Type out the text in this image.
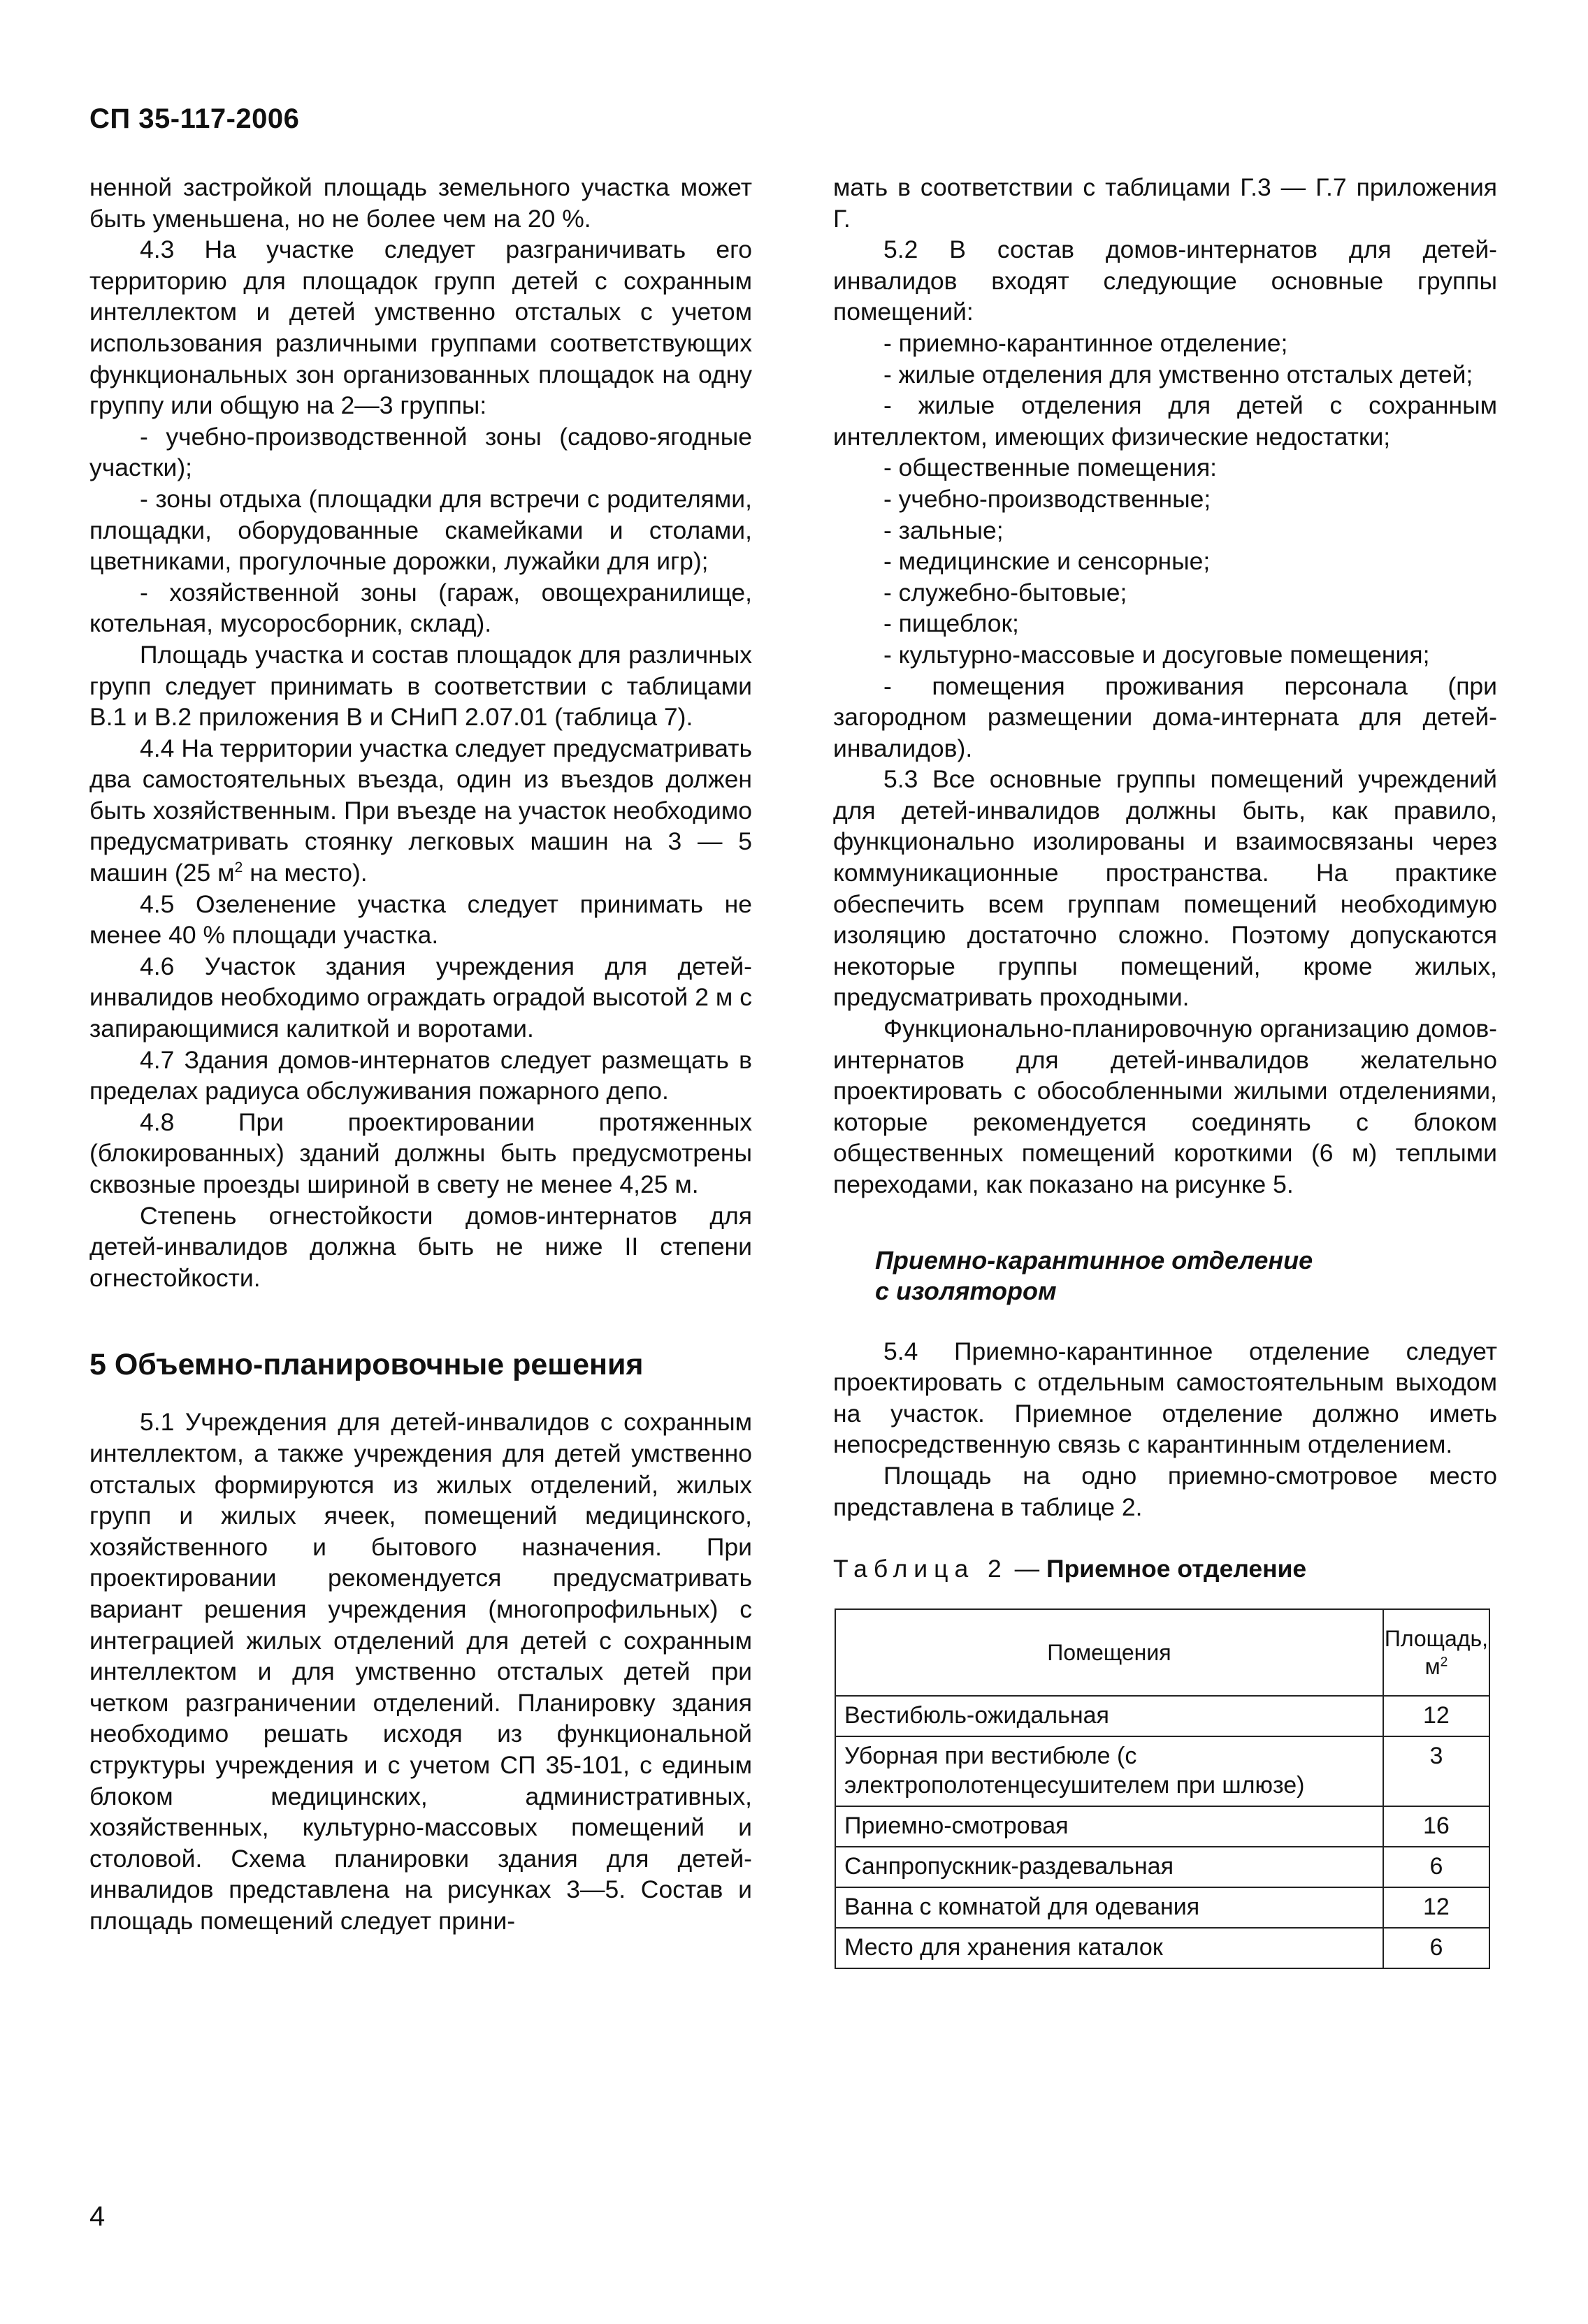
СП 35-117-2006

ненной застройкой площадь земельного участка может быть уменьшена, но не более чем на 20 %.

4.3 На участке следует разграничивать его территорию для площадок групп детей с сохранным интеллектом и детей умственно отсталых с учетом использования различными группами соответствующих функциональных зон организованных площадок на одну группу или общую на 2—3 группы:

- учебно-производственной зоны (садово-ягодные участки);

- зоны отдыха (площадки для встречи с родителями, площадки, оборудованные скамейками и столами, цветниками, прогулочные дорожки, лужайки для игр);

- хозяйственной зоны (гараж, овощехранилище, котельная, мусоросборник, склад).

Площадь участка и состав площадок для различных групп следует принимать в соответствии с таблицами В.1 и В.2 приложения В и СНиП 2.07.01 (таблица 7).

4.4 На территории участка следует предусматривать два самостоятельных въезда, один из въездов должен быть хозяйственным. При въезде на участок необходимо предусматривать стоянку легковых машин на 3 — 5 машин (25 $м^2$ на место).

4.5 Озеленение участка следует принимать не менее 40 % площади участка.

4.6 Участок здания учреждения для детей-инвалидов необходимо ограждать оградой высотой 2 м с запирающимися калиткой и воротами.

4.7 Здания домов-интернатов следует размещать в пределах радиуса обслуживания пожарного депо.

4.8 При проектировании протяженных (блокированных) зданий должны быть предусмотрены сквозные проезды шириной в свету не менее 4,25 м.

Степень огнестойкости домов-интернатов для детей-инвалидов должна быть не ниже II степени огнестойкости.

5 Объемно-планировочные решения

5.1 Учреждения для детей-инвалидов с сохранным интеллектом, а также учреждения для детей умственно отсталых формируются из жилых отделений, жилых групп и жилых ячеек, помещений медицинского, хозяйственного и бытового назначения. При проектировании рекомендуется предусматривать вариант решения учреждения (многопрофильных) с интеграцией жилых отделений для детей с сохранным интеллектом и для умственно отсталых детей при четком разграничении отделений. Планировку здания необходимо решать исходя из функциональной структуры учреждения и с учетом СП 35-101, с единым блоком медицинских, административных, хозяйственных, культурно-массовых помещений и столовой. Схема планировки здания для детей-инвалидов представлена на рисунках 3—5. Состав и площадь помещений следует прини-

мать в соответствии с таблицами Г.3 — Г.7 приложения Г.

5.2 В состав домов-интернатов для детей-инвалидов входят следующие основные группы помещений:

- приемно-карантинное отделение;

- жилые отделения для умственно отсталых детей;

- жилые отделения для детей с сохранным интеллектом, имеющих физические недостатки;

- общественные помещения:

- учебно-производственные;

- зальные;

- медицинские и сенсорные;

- служебно-бытовые;

- пищеблок;

- культурно-массовые и досуговые помещения;

- помещения проживания персонала (при загородном размещении дома-интерната для детей-инвалидов).

5.3 Все основные группы помещений учреждений для детей-инвалидов должны быть, как правило, функционально изолированы и взаимосвязаны через коммуникационные пространства. На практике обеспечить всем группам помещений необходимую изоляцию достаточно сложно. Поэтому допускаются некоторые группы помещений, кроме жилых, предусматривать проходными.

Функционально-планировочную организацию домов-интернатов для детей-инвалидов желательно проектировать с обособленными жилыми отделениями, которые рекомендуется соединять с блоком общественных помещений короткими (6 м) теплыми переходами, как показано на рисунке 5.

Приемно-карантинное отделение
с изолятором

5.4 Приемно-карантинное отделение следует проектировать с отдельным самостоятельным выходом на участок. Приемное отделение должно иметь непосредственную связь с карантинным отделением.

Площадь на одно приемно-смотровое место представлена в таблице 2.

Таблица 2 — Приемное отделение

Помещения	Площадь,
$м^2$
Вестибюль-ожидальная	12
Уборная при вестибюле (с электрополотенцесушителем при шлюзе)	3
Приемно-смотровая	16
Санпропускник-раздевальная	6
Ванна с комнатой для одевания	12
Место для хранения каталок	6
4
